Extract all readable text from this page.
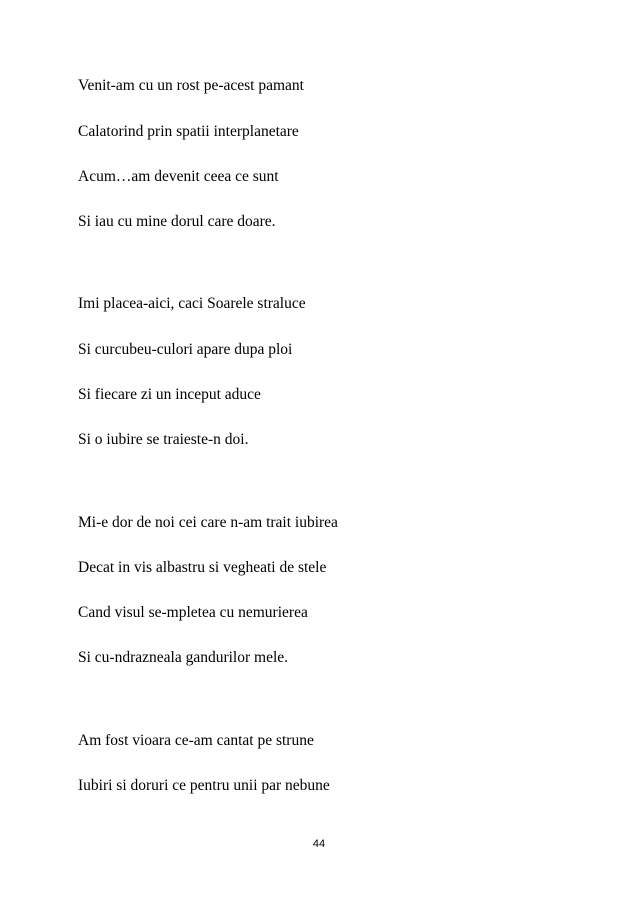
Venit-am cu un rost pe-acest pamant
Calatorind prin spatii interplanetare
Acum…am devenit ceea ce sunt
Si iau cu mine dorul care doare.
Imi placea-aici, caci Soarele straluce
Si curcubeu-culori apare dupa ploi
Si fiecare zi un inceput aduce
Si o iubire se traieste-n doi.
Mi-e dor de noi cei care n-am trait iubirea
Decat in vis albastru si vegheati de stele
Cand visul se-mpletea cu nemurierea
Si cu-ndrazneala gandurilor mele.
Am fost vioara ce-am cantat pe strune
Iubiri si doruri ce pentru unii par nebune
44
